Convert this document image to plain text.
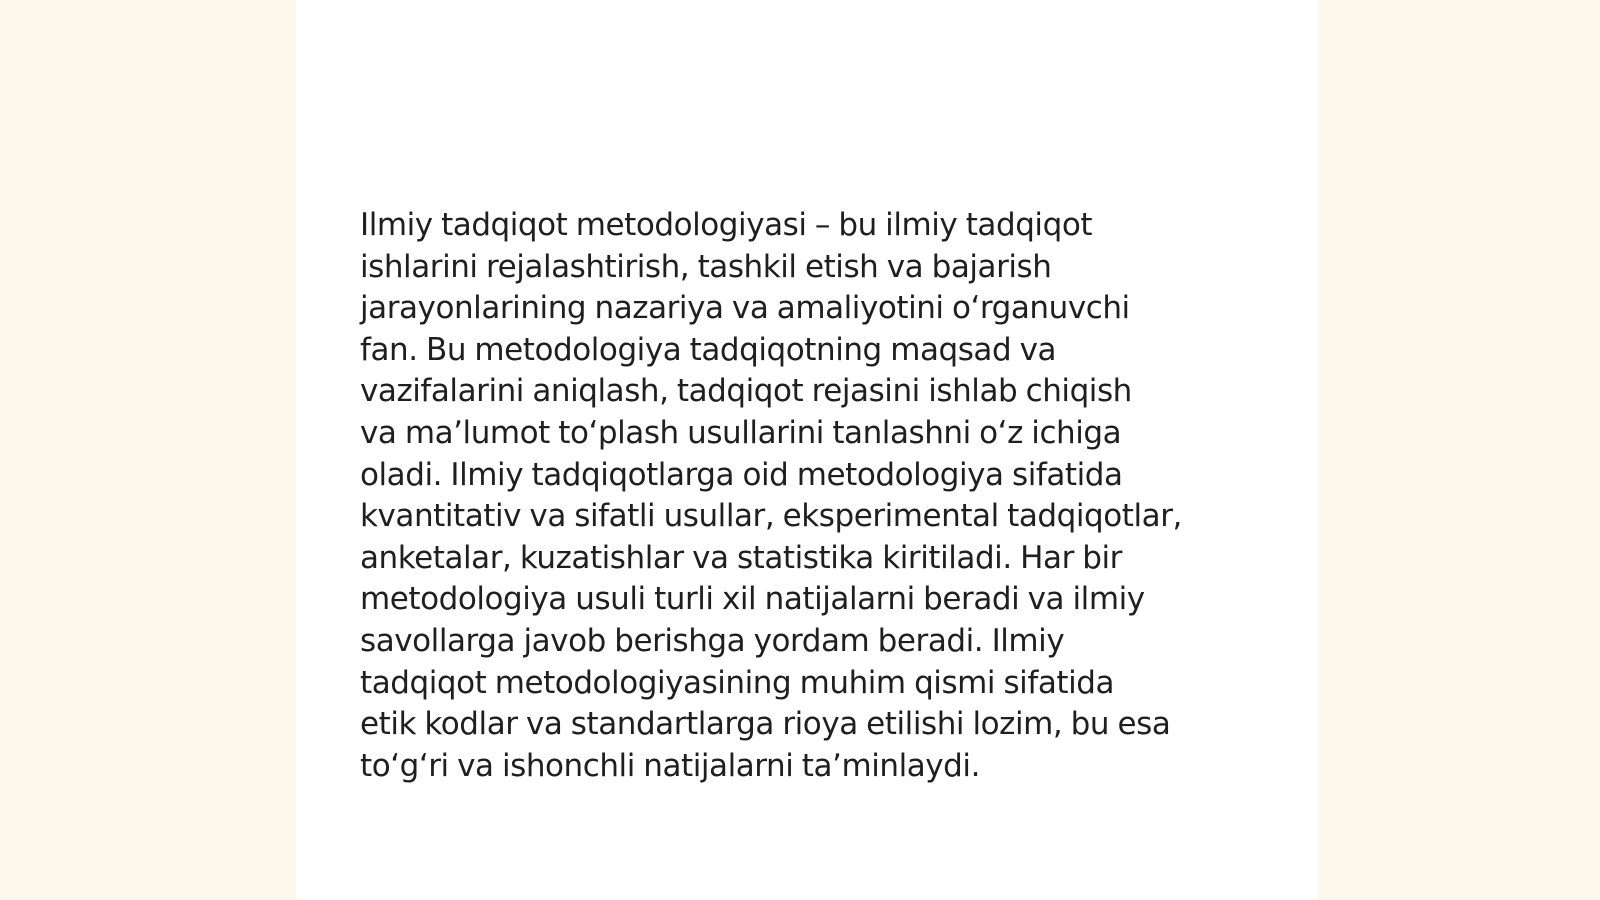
Ilmiy tadqiqot metodologiyasi – bu ilmiy tadqiqot
ishlarini rejalashtirish, tashkil etish va bajarish
jarayonlarining nazariya va amaliyotini oʻrganuvchi
fan. Bu metodologiya tadqiqotning maqsad va
vazifalarini aniqlash, tadqiqot rejasini ishlab chiqish
va maʼlumot toʻplash usullarini tanlashni oʻz ichiga
oladi. Ilmiy tadqiqotlarga oid metodologiya sifatida
kvantitativ va sifatli usullar, eksperimental tadqiqotlar,
anketalar, kuzatishlar va statistika kiritiladi. Har bir
metodologiya usuli turli xil natijalarni beradi va ilmiy
savollarga javob berishga yordam beradi. Ilmiy
tadqiqot metodologiyasining muhim qismi sifatida
etik kodlar va standartlarga rioya etilishi lozim, bu esa
toʻgʻri va ishonchli natijalarni taʼminlaydi.
